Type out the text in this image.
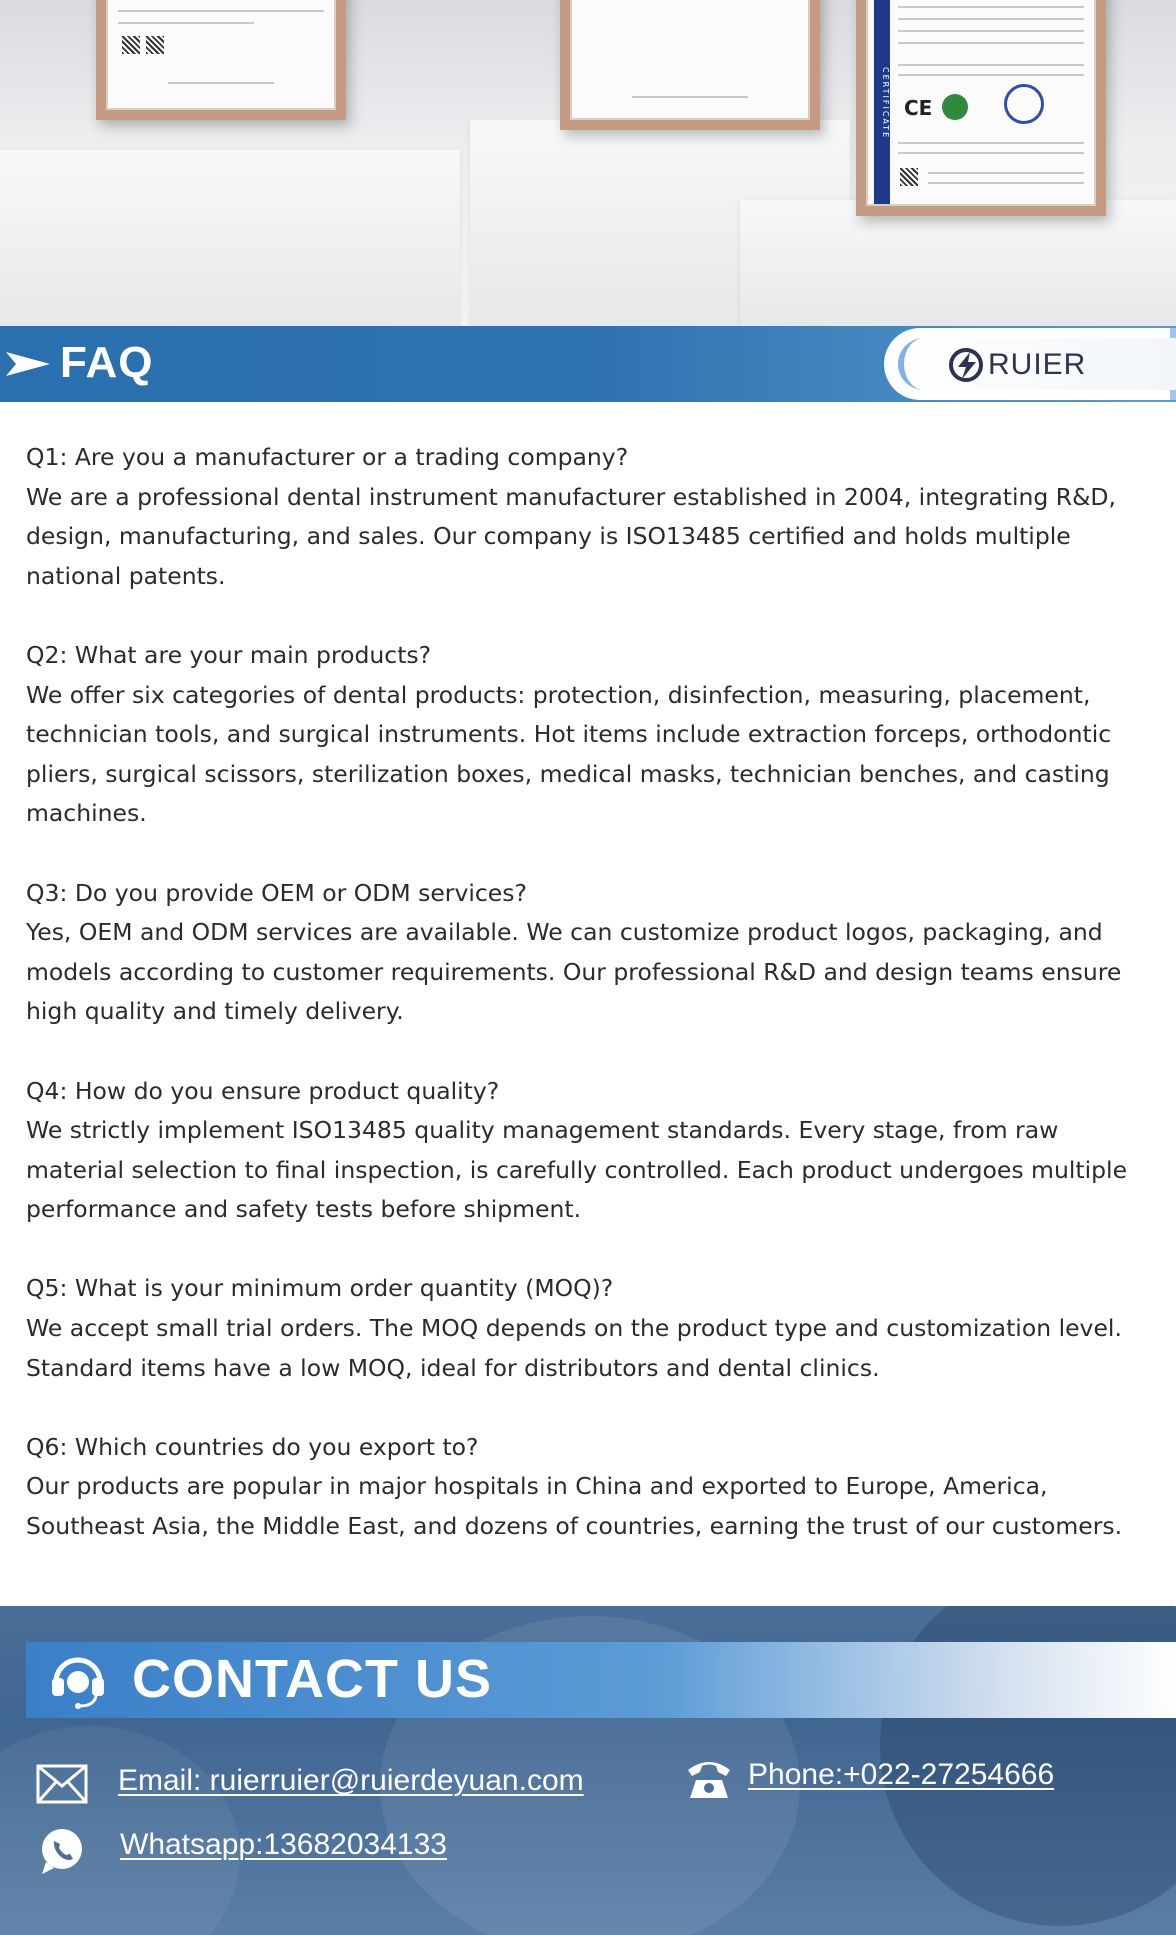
CERTIFICATE CE
FAQ	RUIER

Q1: Are you a manufacturer or a trading company?

We are a professional dental instrument manufacturer established in 2004, integrating R&D, design, manufacturing, and sales. Our company is ISO13485 certified and holds multiple national patents.

Q2: What are your main products?

We offer six categories of dental products: protection, disinfection, measuring, placement, technician tools, and surgical instruments. Hot items include extraction forceps, orthodontic pliers, surgical scissors, sterilization boxes, medical masks, technician benches, and casting machines.

Q3: Do you provide OEM or ODM services?

Yes, OEM and ODM services are available. We can customize product logos, packaging, and models according to customer requirements. Our professional R&D and design teams ensure high quality and timely delivery.

Q4: How do you ensure product quality?

We strictly implement ISO13485 quality management standards. Every stage, from raw material selection to final inspection, is carefully controlled. Each product undergoes multiple performance and safety tests before shipment.

Q5: What is your minimum order quantity (MOQ)?

We accept small trial orders. The MOQ depends on the product type and customization level. Standard items have a low MOQ, ideal for distributors and dental clinics.

Q6: Which countries do you export to?

Our products are popular in major hospitals in China and exported to Europe, America, Southeast Asia, the Middle East, and dozens of countries, earning the trust of our customers.

CONTACT US
Email: ruierruier@ruierdeyuan.com	Phone:+022-27254666
Whatsapp:13682034133
